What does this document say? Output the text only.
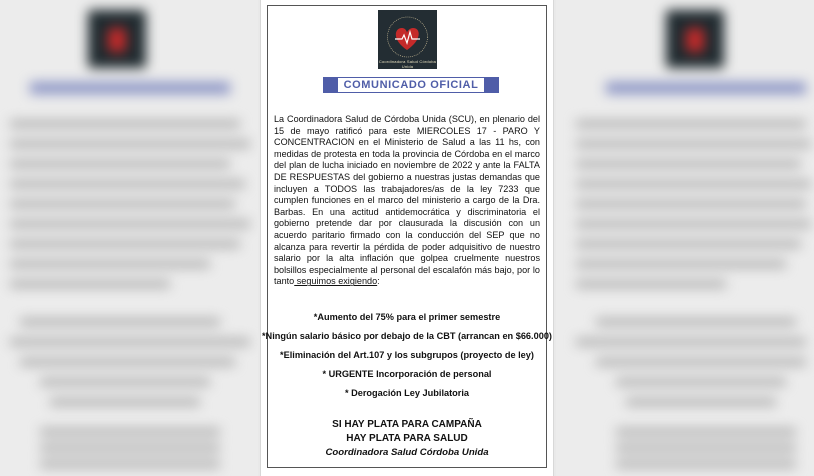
Coordinadora Salud Córdoba Unida
COMUNICADO OFICIAL

La Coordinadora Salud de Córdoba Unida (SCU), en plenario del 15 de mayo ratificó para este MIERCOLES 17 - PARO Y CONCENTRACION en el Ministerio de Salud a las 11 hs, con medidas de protesta en toda la provincia de Córdoba en el marco del plan de lucha iniciado en noviembre de 2022 y ante la FALTA DE RESPUESTAS del gobierno a nuestras justas demandas que incluyen a TODOS las trabajadores/as de la ley 7233 que cumplen funciones en el marco del ministerio a cargo de la Dra. Barbas. En una actitud antidemocrática y discriminatoria el gobierno pretende dar por clausurada la discusión con un acuerdo paritario firmado con la conducción del SEP que no alcanza para revertir la pérdida de poder adquisitivo de nuestro salario por la alta inflación que golpea cruelmente nuestros bolsillos especialmente al personal del escalafón más bajo, por lo tanto seguimos exigiendo:

*Aumento del 75% para el primer semestre

*Ningún salario básico por debajo de la CBT (arrancan en $66.000)

*Eliminación del Art.107 y los subgrupos (proyecto de ley)

* URGENTE Incorporación de personal

* Derogación Ley Jubilatoria

SI HAY PLATA PARA CAMPAÑA

HAY PLATA PARA SALUD

Coordinadora Salud Córdoba Unida
